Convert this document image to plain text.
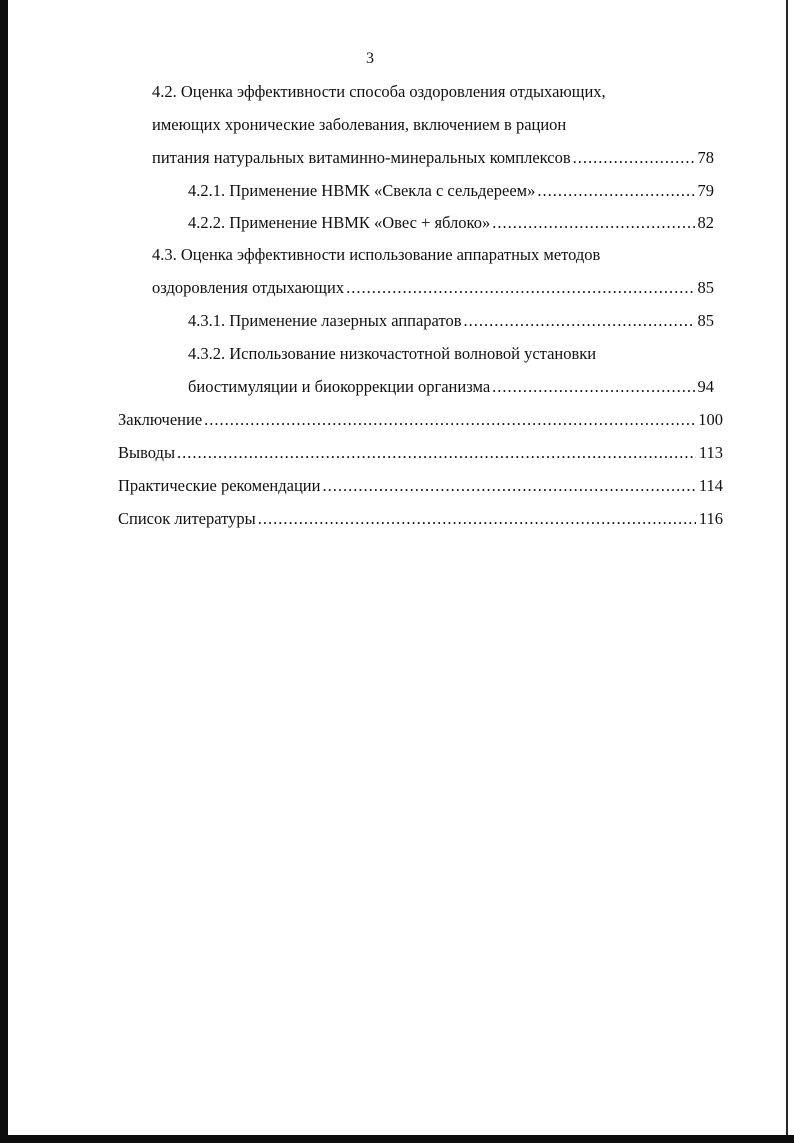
3
4.2. Оценка эффективности способа оздоровления отдыхающих,
имеющих хронические заболевания, включением в рацион
питания натуральных витаминно-минеральных комплексов .....	78
4.2.1. Применение НВМК «Свекла с сельдереем» .....	79
4.2.2. Применение НВМК «Овес + яблоко» .....	82
4.3. Оценка эффективности использование аппаратных методов
оздоровления отдыхающих .....	85
4.3.1. Применение лазерных аппаратов .....	85
4.3.2. Использование низкочастотной волновой установки
биостимуляции и биокоррекции организма .....	94
Заключение .....	100
Выводы .....	113
Практические рекомендации .....	114
Список литературы .....	116
